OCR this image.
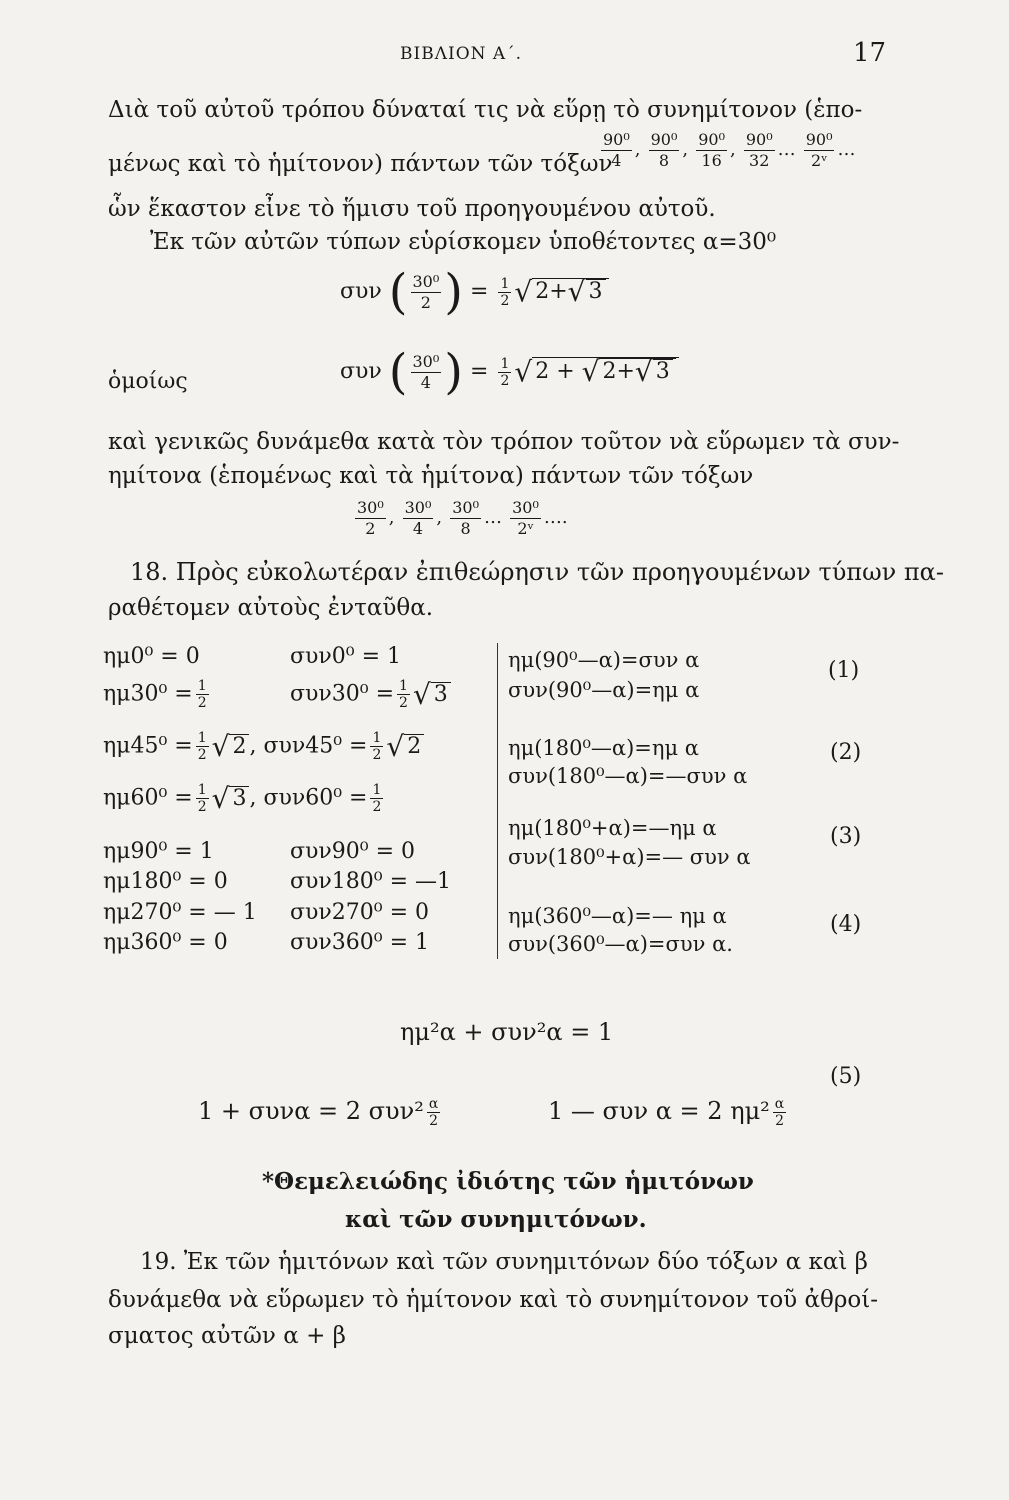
ΒΙΒΛΙΟΝ Α΄.	17
Διὰ τοῦ αὐτοῦ τρόπου δύναταί τις νὰ εὕρῃ τὸ συνημίτονον (ἑπο-
μένως καὶ τὸ ἡμίτονον) πάντων τῶν τόξων
$\frac{\text{90⁰}}{4}$ , $\frac{\text{90⁰}}{8}$ , $\frac{\text{90⁰}}{16}$ , $\frac{\text{90⁰}}{32}$ … $\frac{\text{90⁰}}{\text{2ᵛ}}$ …
ὧν ἕκαστον εἶνε τὸ ἥμισυ τοῦ προηγουμένου αὐτοῦ.
Ἐκ τῶν αὐτῶν τύπων εὑρίσκομεν ὑποθέτοντες α=30⁰
συν ( $\frac{\text{30⁰}}{2}$ ) = $\frac{1}{2}$ √ 2+√ 3
ὁμοίως	συν ( $\frac{\text{30⁰}}{4}$ ) = $\frac{1}{2}$ √ 2 + √ 2+√ 3
καὶ γενικῶς δυνάμεθα κατὰ τὸν τρόπον τοῦτον νὰ εὕρωμεν τὰ συν-
ημίτονα (ἑπομένως καὶ τὰ ἡμίτονα) πάντων τῶν τόξων
$\frac{\text{30⁰}}{2}$ , $\frac{\text{30⁰}}{4}$ , $\frac{\text{30⁰}}{8}$ … $\frac{\text{30⁰}}{\text{2ᵛ}}$ ….
18. Πρὸς εὐκολωτέραν ἐπιθεώρησιν τῶν προηγουμένων τύπων πα-
ραθέτομεν αὐτοὺς ἐνταῦθα.
ημ0⁰ = 0	συν0⁰ = 1
$\eta\mu 30^0 = \frac{1}{2}$	$\sigma\upsilon\nu 30^0 = \frac{1}{2}$ √ 3
$\eta\mu 45^0 = \frac{1}{2}$ √ 2 , $\sigma\upsilon\nu 45^0 = \frac{1}{2}$ √ 2
$\eta\mu 60^0 = \frac{1}{2}$ √ 3 , $\sigma\upsilon\nu 60^0 = \frac{1}{2}$
ημ90⁰ = 1	συν90⁰ = 0
ημ180⁰ = 0	συν180⁰ = —1
ημ270⁰ = — 1 συν270⁰ = 0
ημ360⁰ = 0	συν360⁰ = 1
ημ(90⁰—α)=συν α
συν(90⁰—α)=ημ α
(1)
ημ(180⁰—α)=ημ α
συν(180⁰—α)=—συν α
(2)
ημ(180⁰+α)=—ημ α
συν(180⁰+α)=— συν α
(3)
ημ(360⁰—α)=— ημ α
συν(360⁰—α)=συν α.
(4)
ημ²α + συν²α = 1
(5)
1 + συνα = 2 $\sigma\upsilon\nu^2 \frac{\alpha}{2}$	1 — συν α = 2 $\eta\mu^2 \frac{\alpha}{2}$
*Θεμελειώδης ἰδιότης τῶν ἡμιτόνων
καὶ τῶν συνημιτόνων.
19. Ἐκ τῶν ἡμιτόνων καὶ τῶν συνημιτόνων δύο τόξων α καὶ β
δυνάμεθα νὰ εὕρωμεν τὸ ἡμίτονον καὶ τὸ συνημίτονον τοῦ ἀθροί-
σματος αὐτῶν α + β
